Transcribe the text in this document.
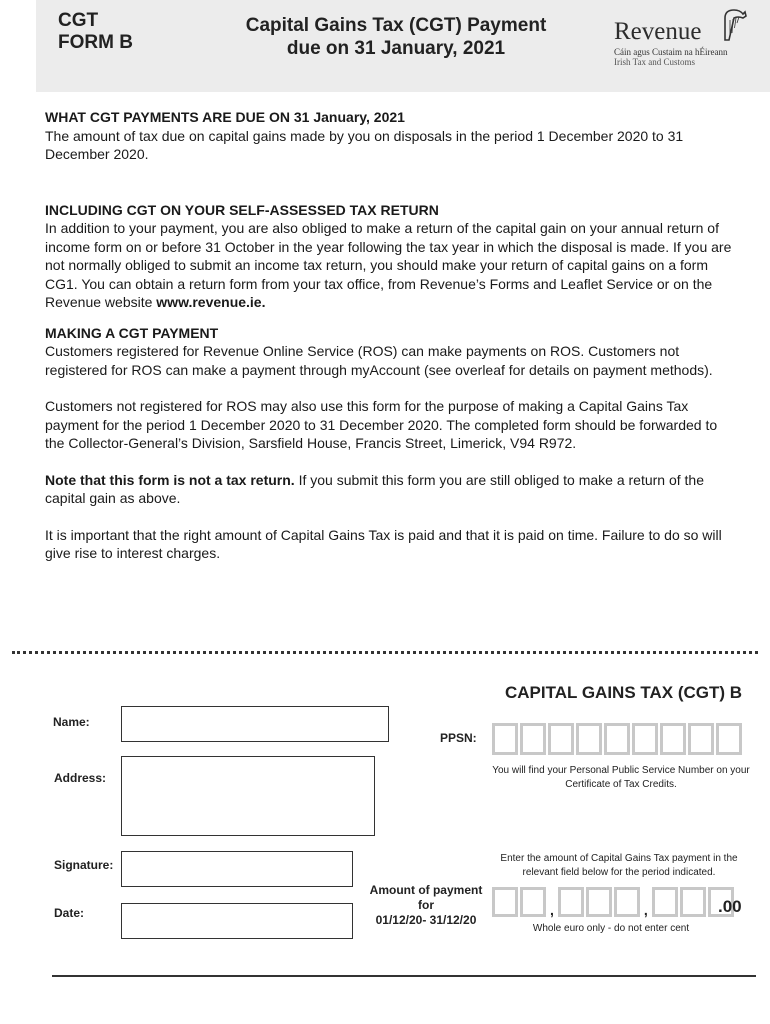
CGT
FORM B
Capital Gains Tax (CGT) Payment
due on 31 January, 2021
Revenue
Cáin agus Custaim na hÉireann
Irish Tax and Customs
WHAT CGT PAYMENTS ARE DUE ON 31 January, 2021

The amount of tax due on capital gains made by you on disposals in the period 1 December 2020 to 31 December 2020.

INCLUDING CGT ON YOUR SELF-ASSESSED TAX RETURN

In addition to your payment, you are also obliged to make a return of the capital gain on your annual return of income form on or before 31 October in the year following the tax year in which the disposal is made. If you are not normally obliged to submit an income tax return, you should make your return of capital gains on a form CG1. You can obtain a return form from your tax office, from Revenue’s Forms and Leaflet Service or on the Revenue website www.revenue.ie.

MAKING A CGT PAYMENT

Customers registered for Revenue Online Service (ROS) can make payments on ROS. Customers not registered for ROS can make a payment through myAccount (see overleaf for details on payment methods).

Customers not registered for ROS may also use this form for the purpose of making a Capital Gains Tax payment for the period 1 December 2020 to 31 December 2020. The completed form should be forwarded to the Collector-General’s Division, Sarsfield House, Francis Street, Limerick, V94 R972.

Note that this form is not a tax return. If you submit this form you are still obliged to make a return of the capital gain as above.

It is important that the right amount of Capital Gains Tax is paid and that it is paid on time. Failure to do so will give rise to interest charges.

CAPITAL GAINS TAX (CGT) B
Name:
Address:
Signature:
Date:
PPSN:
You will find your Personal Public Service Number on your Certificate of Tax Credits.
Enter the amount of Capital Gains Tax payment in the relevant field below for the period indicated.
Amount of payment
for
01/12/20- 31/12/20
,	,	.00
Whole euro only - do not enter cent
